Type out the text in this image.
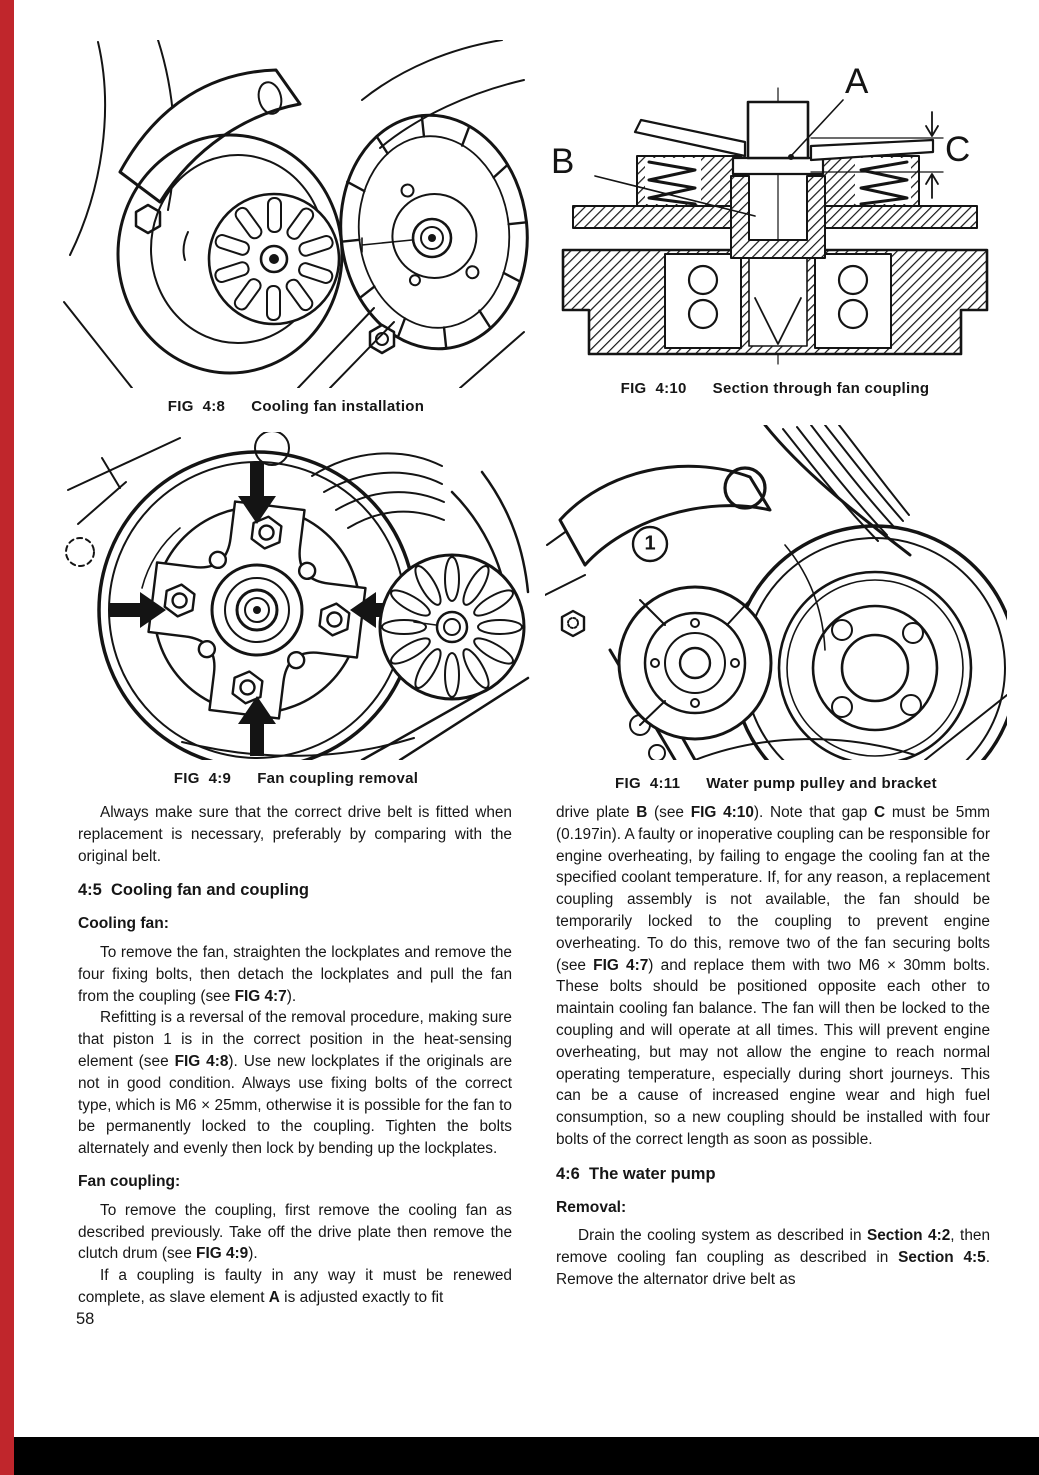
FIG  4:8 Cooling fan installation
A
B	C
FIG  4:10 Section through fan coupling
FIG  4:9 Fan coupling removal
1
FIG  4:11 Water pump pulley and bracket

Always make sure that the correct drive belt is fitted when replacement is necessary, preferably by comparing with the original belt.

4:5  Cooling fan and coupling
Cooling fan:

To remove the fan, straighten the lockplates and remove the four fixing bolts, then detach the lockplates and pull the fan from the coupling (see FIG 4:7).

Refitting is a reversal of the removal procedure, making sure that piston 1 is in the correct position in the heat-sensing element (see FIG 4:8). Use new lockplates if the originals are not in good condition. Always use fixing bolts of the correct type, which is M6 × 25mm, otherwise it is possible for the fan to be permanently locked to the coupling. Tighten the bolts alternately and evenly then lock by bending up the lockplates.

Fan coupling:

To remove the coupling, first remove the cooling fan as described previously. Take off the drive plate then remove the clutch drum (see FIG 4:9).

If a coupling is faulty in any way it must be renewed complete, as slave element A is adjusted exactly to fit

drive plate B (see FIG 4:10). Note that gap C must be 5mm (0.197in). A faulty or inoperative coupling can be responsible for engine overheating, by failing to engage the cooling fan at the specified coolant temperature. If, for any reason, a replacement coupling assembly is not available, the fan should be temporarily locked to the coupling to prevent engine overheating. To do this, remove two of the fan securing bolts (see FIG 4:7) and replace them with two M6 × 30mm bolts. These bolts should be positioned opposite each other to maintain cooling fan balance. The fan will then be locked to the coupling and will operate at all times. This will prevent engine overheating, but may not allow the engine to reach normal operating temperature, especially during short journeys. This can be a cause of increased engine wear and high fuel consumption, so a new coupling should be installed with four bolts of the correct length as soon as possible.

4:6  The water pump
Removal:

Drain the cooling system as described in Section 4:2, then remove cooling fan coupling as described in Section 4:5. Remove the alternator drive belt as

58
